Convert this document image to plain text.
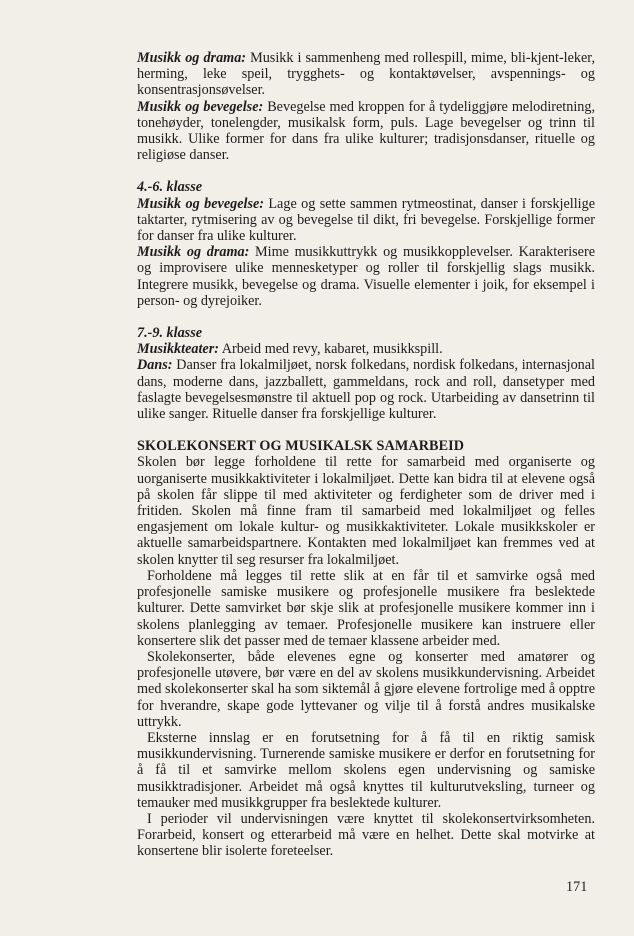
Musikk og drama: Musikk i sammenheng med rollespill, mime, bli-kjent-leker, herming, leke speil, trygghets- og kontaktøvelser, avspennings- og konsentrasjonsøvelser.

Musikk og bevegelse: Bevegelse med kroppen for å tydeliggjøre melodiretning, tonehøyder, tonelengder, musikalsk form, puls. Lage bevegelser og trinn til musikk. Ulike former for dans fra ulike kulturer; tradisjonsdanser, rituelle og religiøse danser.

4.-6. klasse

Musikk og bevegelse: Lage og sette sammen rytmeostinat, danser i forskjellige taktarter, rytmisering av og bevegelse til dikt, fri bevegelse. Forskjellige former for danser fra ulike kulturer.

Musikk og drama: Mime musikkuttrykk og musikkopplevelser. Karakterisere og improvisere ulike mennesketyper og roller til forskjellig slags musikk. Integrere musikk, bevegelse og drama. Visuelle elementer i joik, for eksempel i person- og dyrejoiker.

7.-9. klasse

Musikkteater: Arbeid med revy, kabaret, musikkspill.

Dans: Danser fra lokalmiljøet, norsk folkedans, nordisk folkedans, internasjonal dans, moderne dans, jazzballett, gammeldans, rock and roll, dansetyper med faslagte bevegelsesmønstre til aktuell pop og rock. Utarbeiding av dansetrinn til ulike sanger. Rituelle danser fra forskjellige kulturer.

SKOLEKONSERT OG MUSIKALSK SAMARBEID

Skolen bør legge forholdene til rette for samarbeid med organiserte og uorganiserte musikkaktiviteter i lokalmiljøet. Dette kan bidra til at elevene også på skolen får slippe til med aktiviteter og ferdigheter som de driver med i fritiden. Skolen må finne fram til samarbeid med lokalmiljøet og felles engasjement om lokale kultur- og musikkaktiviteter. Lokale musikkskoler er aktuelle samarbeidspartnere. Kontakten med lokalmiljøet kan fremmes ved at skolen knytter til seg resurser fra lokalmiljøet.

Forholdene må legges til rette slik at en får til et samvirke også med profesjonelle samiske musikere og profesjonelle musikere fra beslektede kulturer. Dette samvirket bør skje slik at profesjonelle musikere kommer inn i skolens planlegging av temaer. Profesjonelle musikere kan instruere eller konsertere slik det passer med de temaer klassene arbeider med.

Skolekonserter, både elevenes egne og konserter med amatører og profesjonelle utøvere, bør være en del av skolens musikkundervisning. Arbeidet med skolekonserter skal ha som siktemål å gjøre elevene fortrolige med å opptre for hverandre, skape gode lyttevaner og vilje til å forstå andres musikalske uttrykk.

Eksterne innslag er en forutsetning for å få til en riktig samisk musikkundervisning. Turnerende samiske musikere er derfor en forutsetning for å få til et samvirke mellom skolens egen undervisning og samiske musikktradisjoner. Arbeidet må også knyttes til kulturutveksling, turneer og temauker med musikkgrupper fra beslektede kulturer.

I perioder vil undervisningen være knyttet til skolekonsertvirksomheten. Forarbeid, konsert og etterarbeid må være en helhet. Dette skal motvirke at konsertene blir isolerte foreteelser.

171
